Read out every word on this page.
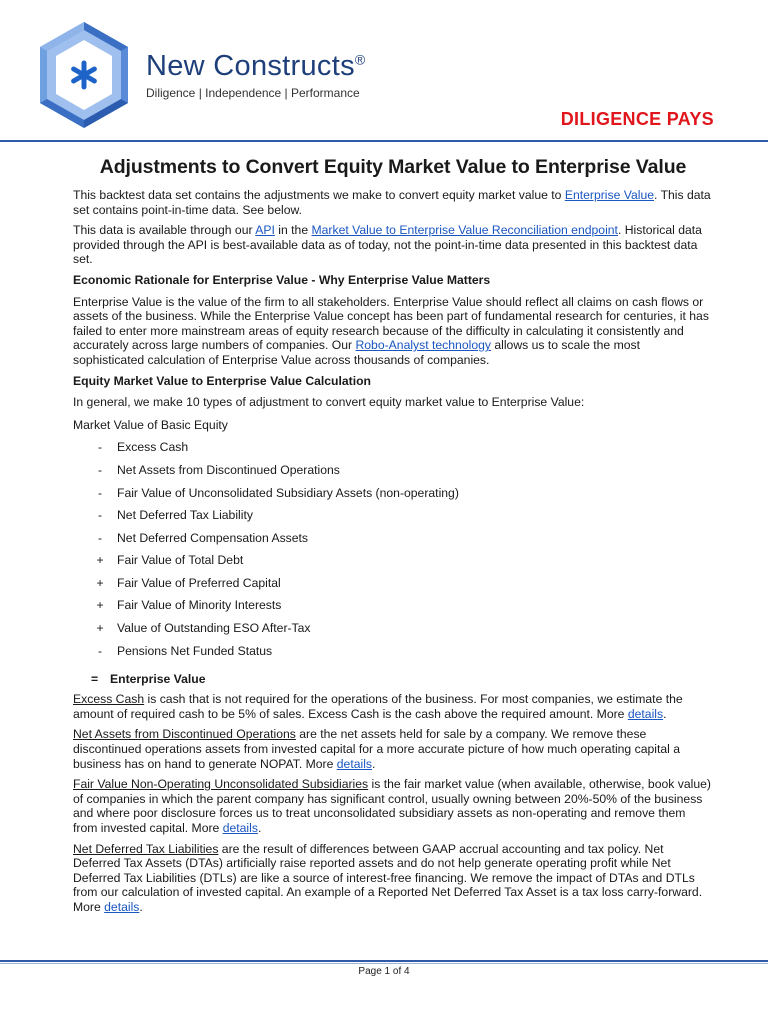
New Constructs®
Diligence | Independence | Performance
DILIGENCE PAYS
Adjustments to Convert Equity Market Value to Enterprise Value

This backtest data set contains the adjustments we make to convert equity market value to Enterprise Value. This data set contains point-in-time data. See below.

This data is available through our API in the Market Value to Enterprise Value Reconciliation endpoint. Historical data provided through the API is best-available data as of today, not the point-in-time data presented in this backtest data set.

Economic Rationale for Enterprise Value - Why Enterprise Value Matters

Enterprise Value is the value of the firm to all stakeholders. Enterprise Value should reflect all claims on cash flows or assets of the business. While the Enterprise Value concept has been part of fundamental research for centuries, it has failed to enter more mainstream areas of equity research because of the difficulty in calculating it consistently and accurately across large numbers of companies. Our Robo-Analyst technology allows us to scale the most sophisticated calculation of Enterprise Value across thousands of companies.

Equity Market Value to Enterprise Value Calculation

In general, we make 10 types of adjustment to convert equity market value to Enterprise Value:

Market Value of Basic Equity

-	Excess Cash
-	Net Assets from Discontinued Operations
-	Fair Value of Unconsolidated Subsidiary Assets (non-operating)
-	Net Deferred Tax Liability
-	Net Deferred Compensation Assets
+ Fair Value of Total Debt
+ Fair Value of Preferred Capital
+ Fair Value of Minority Interests
+ Value of Outstanding ESO After-Tax
-	Pensions Net Funded Status
= Enterprise Value

Excess Cash is cash that is not required for the operations of the business. For most companies, we estimate the amount of required cash to be 5% of sales. Excess Cash is the cash above the required amount. More details.

Net Assets from Discontinued Operations are the net assets held for sale by a company. We remove these discontinued operations assets from invested capital for a more accurate picture of how much operating capital a business has on hand to generate NOPAT. More details.

Fair Value Non-Operating Unconsolidated Subsidiaries is the fair market value (when available, otherwise, book value) of companies in which the parent company has significant control, usually owning between 20%-50% of the business and where poor disclosure forces us to treat unconsolidated subsidiary assets as non-operating and remove them from invested capital. More details.

Net Deferred Tax Liabilities are the result of differences between GAAP accrual accounting and tax policy. Net Deferred Tax Assets (DTAs) artificially raise reported assets and do not help generate operating profit while Net Deferred Tax Liabilities (DTLs) are like a source of interest-free financing. We remove the impact of DTAs and DTLs from our calculation of invested capital. An example of a Reported Net Deferred Tax Asset is a tax loss carry-forward. More details.

Page 1 of 4
